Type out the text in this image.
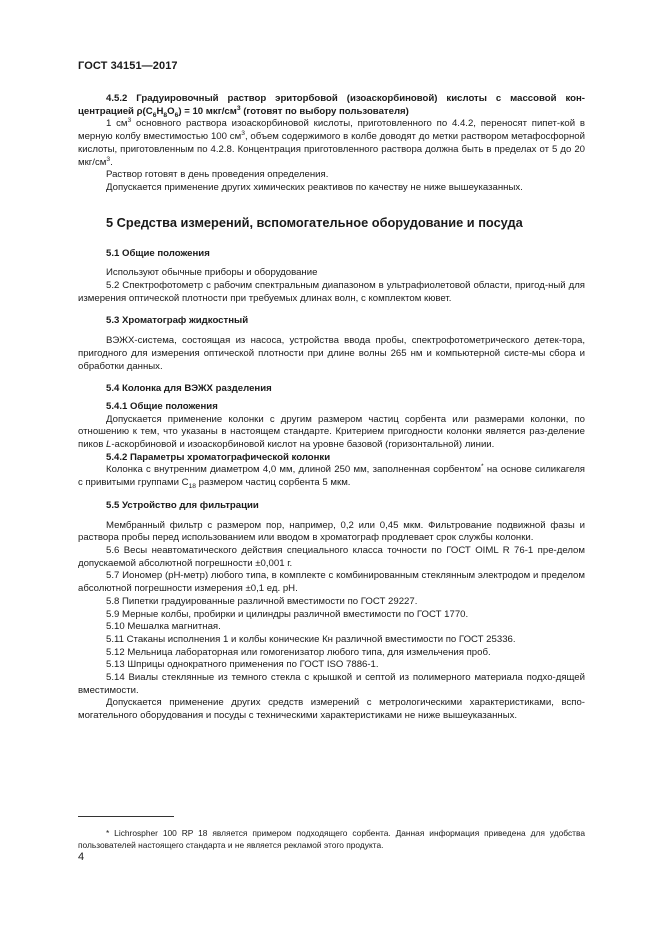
ГОСТ 34151—2017

4.5.2 Градуировочный раствор эриторбовой (изоаскорбиновой) кислоты с массовой кон-центрацией $\rho(C_6H_8O_6) = 10$ мкг/$см^3$ (готовят по выбору пользователя)

1 $см^3$ основного раствора изоаскорбиновой кислоты, приготовленного по 4.4.2, переносят пипет-кой в мерную колбу вместимостью 100 $см^3$, объем содержимого в колбе доводят до метки раствором метафосфорной кислоты, приготовленным по 4.2.8. Концентрация приготовленного раствора должна быть в пределах от 5 до 20 мкг/$см^3$.

Раствор готовят в день проведения определения.

Допускается применение других химических реактивов по качеству не ниже вышеуказанных.

5 Средства измерений, вспомогательное оборудование и посуда

5.1 Общие положения

Используют обычные приборы и оборудование

5.2 Спектрофотометр с рабочим спектральным диапазоном в ультрафиолетовой области, пригод-ный для измерения оптической плотности при требуемых длинах волн, с комплектом кювет.

5.3 Хроматограф жидкостный

ВЭЖХ-система, состоящая из насоса, устройства ввода пробы, спектрофотометрического детек-тора, пригодного для измерения оптической плотности при длине волны 265 нм и компьютерной систе-мы сбора и обработки данных.

5.4 Колонка для ВЭЖХ разделения

5.4.1 Общие положения

Допускается применение колонки с другим размером частиц сорбента или размерами колонки, по отношению к тем, что указаны в настоящем стандарте. Критерием пригодности колонки является раз-деление пиков L-аскорбиновой и изоаскорбиновой кислот на уровне базовой (горизонтальной) линии.

5.4.2 Параметры хроматографической колонки

Колонка с внутренним диаметром 4,0 мм, длиной 250 мм, заполненная сорбентом* на основе силикагеля с привитыми группами $C_{18}$ размером частиц сорбента 5 мкм.

5.5 Устройство для фильтрации

Мембранный фильтр с размером пор, например, 0,2 или 0,45 мкм. Фильтрование подвижной фазы и раствора пробы перед использованием или вводом в хроматограф продлевает срок службы колонки.

5.6 Весы неавтоматического действия специального класса точности по ГОСТ OIML R 76-1 пре-делом допускаемой абсолютной погрешности ±0,001 г.

5.7 Иономер (pH-метр) любого типа, в комплекте с комбинированным стеклянным электродом и пределом абсолютной погрешности измерения ±0,1 ед. pH.

5.8 Пипетки градуированные различной вместимости по ГОСТ 29227.

5.9 Мерные колбы, пробирки и цилиндры различной вместимости по ГОСТ 1770.

5.10 Мешалка магнитная.

5.11 Стаканы исполнения 1 и колбы конические Кн различной вместимости по ГОСТ 25336.

5.12 Мельница лабораторная или гомогенизатор любого типа, для измельчения проб.

5.13 Шприцы однократного применения по ГОСТ ISO 7886-1.

5.14 Виалы стеклянные из темного стекла с крышкой и септой из полимерного материала подхо-дящей вместимости.

Допускается применение других средств измерений с метрологическими характеристиками, вспо-могательного оборудования и посуды с техническими характеристиками не ниже вышеуказанных.

* Lichrospher 100 RP 18 является примером подходящего сорбента. Данная информация приведена для удобства пользователей настоящего стандарта и не является рекламой этого продукта.

4
